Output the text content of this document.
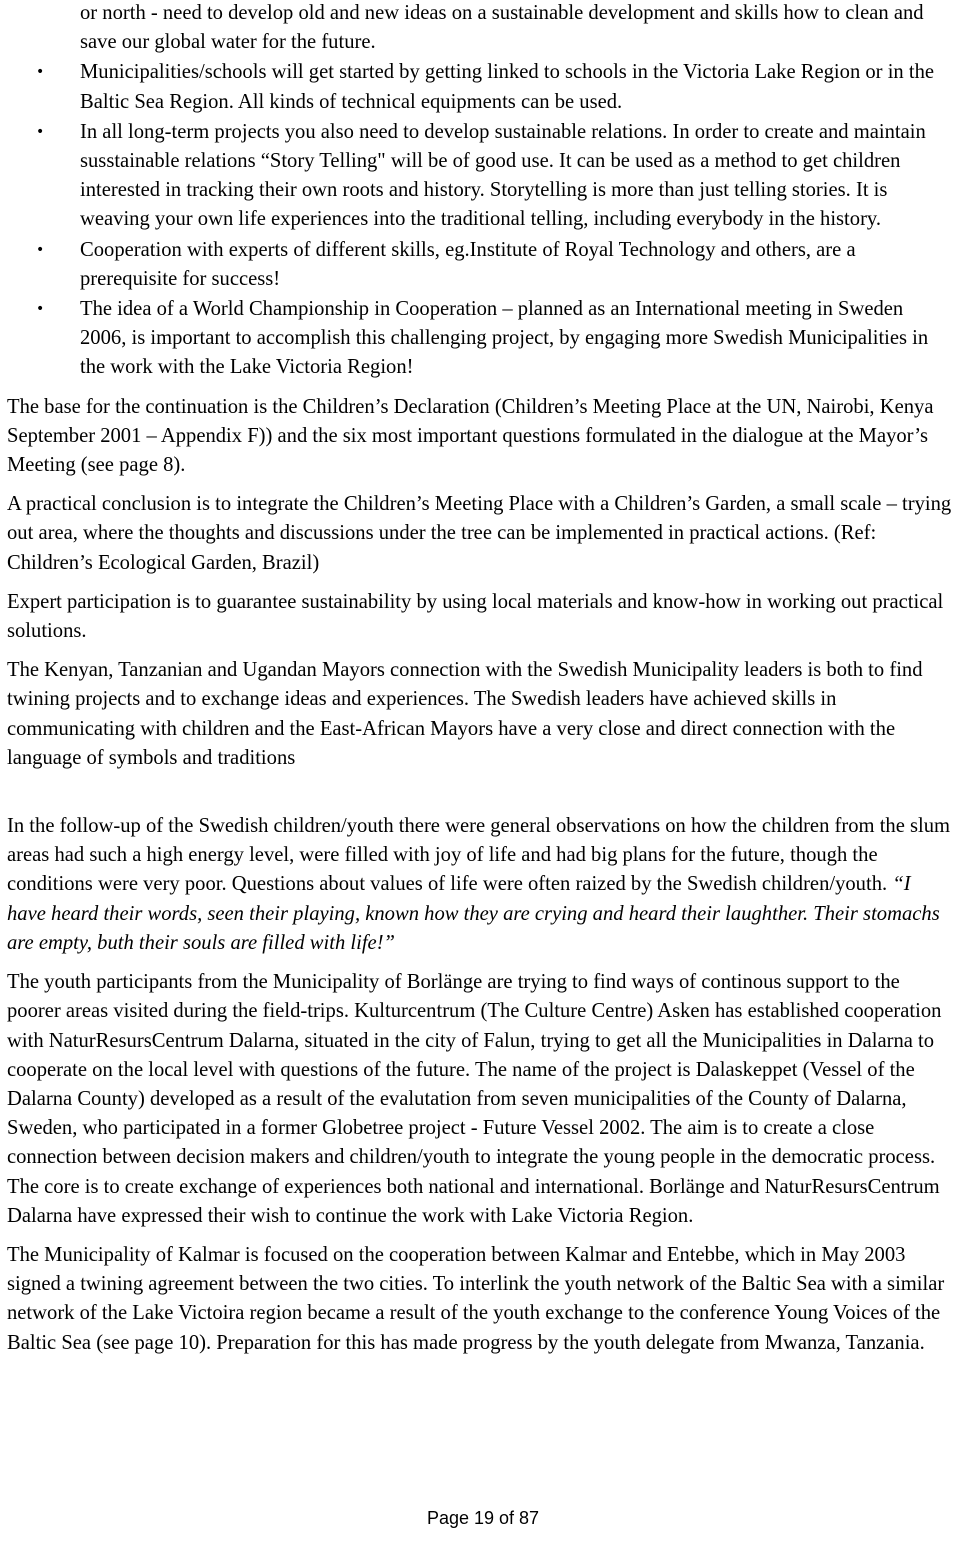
or north - need to develop old and new ideas on a sustainable development and skills how to clean and save our global water for the future.
• Municipalities/schools will get started by getting linked to schools in the Victoria Lake Region or in the Baltic Sea Region. All kinds of technical equipments can be used.
• In all long-term projects you also need to develop sustainable relations. In order to create and maintain susstainable relations “Story Telling" will be of good use. It can be used as a method to get children interested in tracking their own roots and history. Storytelling is more than just telling stories. It is weaving your own life experiences into the traditional telling, including everybody in the history.
• Cooperation with experts of different skills, eg.Institute of Royal Technology and others, are a prerequisite for success!
• The idea of a World Championship in Cooperation – planned as an International meeting in Sweden 2006, is important to accomplish this challenging project, by engaging more Swedish Municipalities in the work with the Lake Victoria Region!

The base for the continuation is the Children’s Declaration (Children’s Meeting Place at the UN, Nairobi, Kenya September 2001 – Appendix F)) and the six most important questions formulated in the dialogue at the Mayor’s Meeting (see page 8).

A practical conclusion is to integrate the Children’s Meeting Place with a Children’s Garden, a small scale – trying out area, where the thoughts and discussions under the tree can be implemented in practical actions. (Ref: Children’s Ecological Garden, Brazil)

Expert participation is to guarantee sustainability by using local materials and know-how in working out practical solutions.

The Kenyan, Tanzanian and Ugandan Mayors connection with the Swedish Municipality leaders is both to find twining projects and to exchange ideas and experiences. The Swedish leaders have achieved skills in communicating with children and the East-African Mayors have a very close and direct connection with the language of symbols and traditions

In the follow-up of the Swedish children/youth there were general observations on how the children from the slum areas had such a high energy level, were filled with joy of life and had big plans for the future, though the conditions were very poor. Questions about values of life were often raized by the Swedish children/youth. “I have heard their words, seen their playing, known how they are crying and heard their laughther. Their stomachs are empty, buth their souls are filled with life!”

The youth participants from the Municipality of Borlänge are trying to find ways of continous support to the poorer areas visited during the field-trips. Kulturcentrum (The Culture Centre) Asken has established cooperation with NaturResursCentrum Dalarna, situated in the city of Falun, trying to get all the Municipalities in Dalarna to cooperate on the local level with questions of the future. The name of the project is Dalaskeppet (Vessel of the Dalarna County) developed as a result of the evalutation from seven municipalities of the County of Dalarna, Sweden, who participated in a former Globetree project - Future Vessel 2002. The aim is to create a close connection between decision makers and children/youth to integrate the young people in the democratic process. The core is to create exchange of experiences both national and international. Borlänge and NaturResursCentrum Dalarna have expressed their wish to continue the work with Lake Victoria Region.

The Municipality of Kalmar is focused on the cooperation between Kalmar and Entebbe, which in May 2003 signed a twining agreement between the two cities. To interlink the youth network of the Baltic Sea with a similar network of the Lake Victoira region became a result of the youth exchange to the conference Young Voices of the Baltic Sea (see page 10). Preparation for this has made progress by the youth delegate from Mwanza, Tanzania.

Page 19 of 87
